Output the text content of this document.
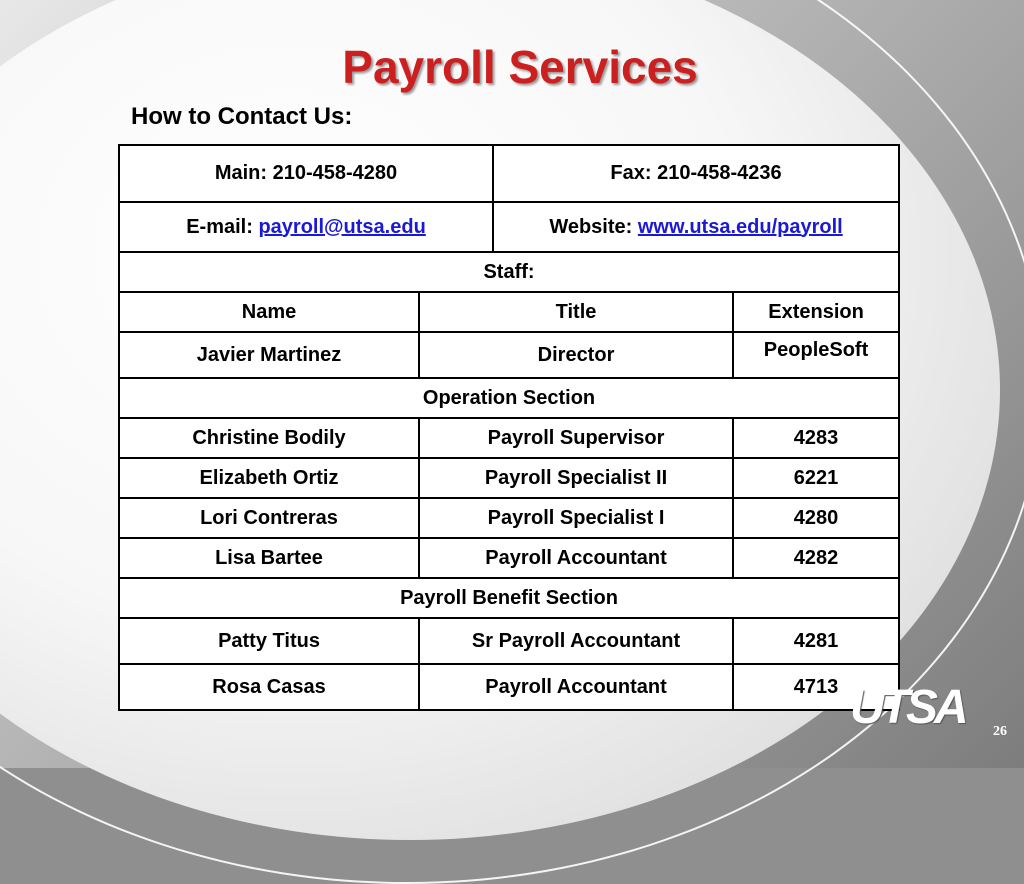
Payroll Services
How to Contact Us:
Main: 210-458-4280		Fax: 210-458-4236	
E-mail: payroll@utsa.edu		Website: www.utsa.edu/payroll	
Staff:			
Name	Title		Extension
Javier Martinez	Director		PeopleSoft
Operation Section			
Christine Bodily	Payroll Supervisor		4283
Elizabeth Ortiz	Payroll Specialist II		6221
Lori Contreras	Payroll Specialist I		4280
Lisa Bartee	Payroll Accountant		4282
Payroll Benefit Section			
Patty Titus	Sr Payroll Accountant		4281
Rosa Casas	Payroll Accountant		4713 UTSA 26
